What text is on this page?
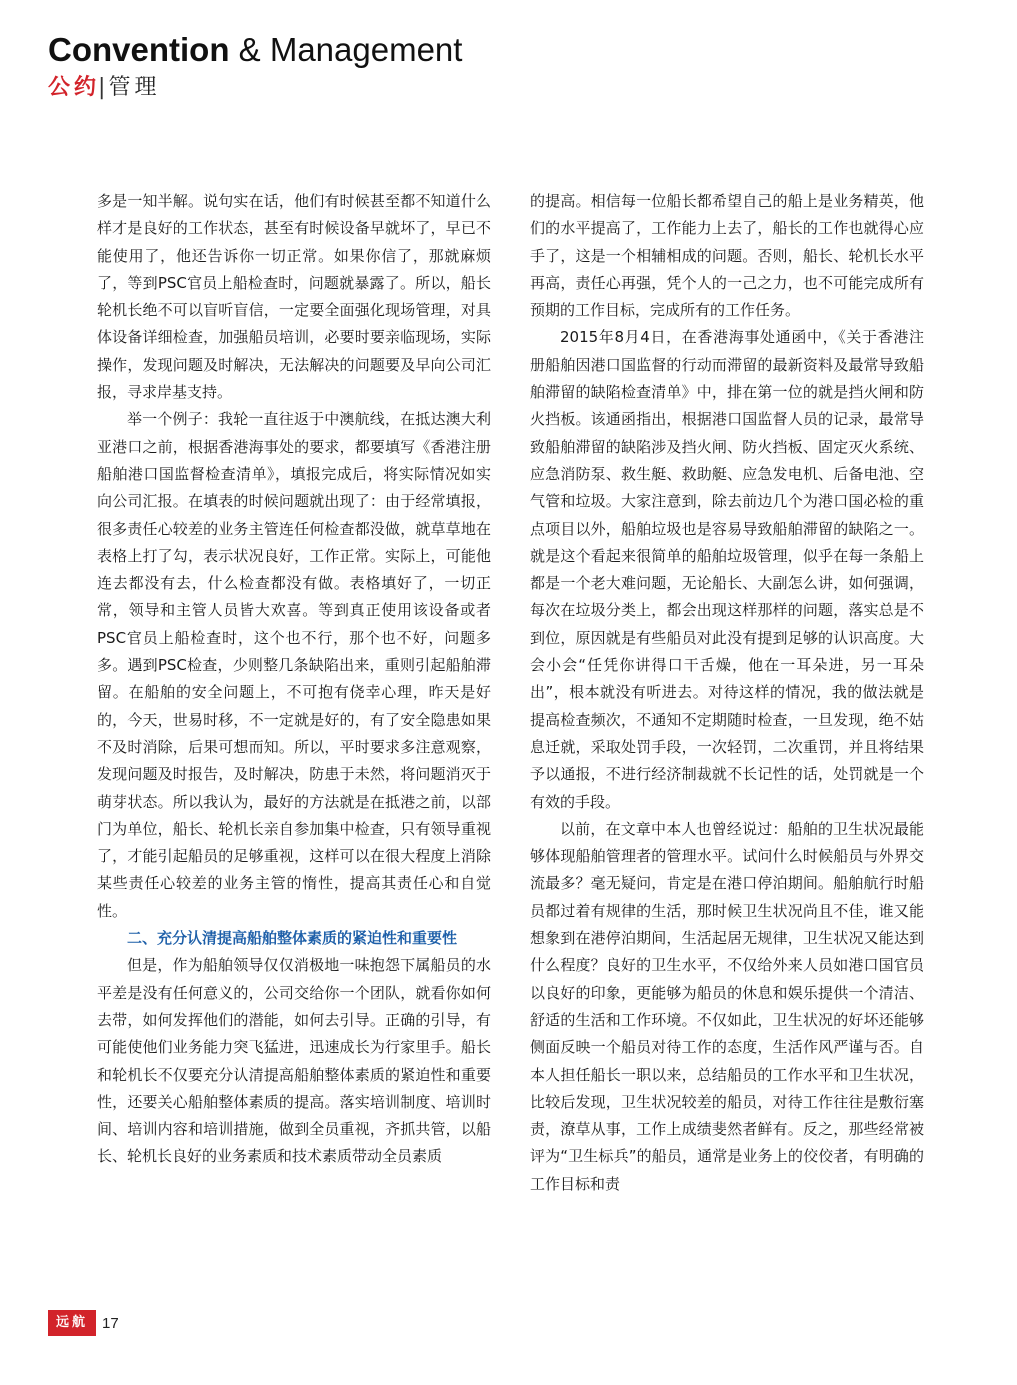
Convention & Management
公约| 管理

多是一知半解。说句实在话，他们有时候甚至都不知道什么样才是良好的工作状态，甚至有时候设备早就坏了，早已不能使用了，他还告诉你一切正常。如果你信了，那就麻烦了，等到PSC官员上船检查时，问题就暴露了。所以，船长轮机长绝不可以盲听盲信，一定要全面强化现场管理，对具体设备详细检查，加强船员培训，必要时要亲临现场，实际操作，发现问题及时解决，无法解决的问题要及早向公司汇报，寻求岸基支持。

举一个例子：我轮一直往返于中澳航线，在抵达澳大利亚港口之前，根据香港海事处的要求，都要填写《香港注册船舶港口国监督检查清单》，填报完成后，将实际情况如实向公司汇报。在填表的时候问题就出现了：由于经常填报，很多责任心较差的业务主管连任何检查都没做，就草草地在表格上打了勾，表示状况良好，工作正常。实际上，可能他连去都没有去，什么检查都没有做。表格填好了，一切正常，领导和主管人员皆大欢喜。等到真正使用该设备或者PSC官员上船检查时，这个也不行，那个也不好，问题多多。遇到PSC检查，少则整几条缺陷出来，重则引起船舶滞留。在船舶的安全问题上，不可抱有侥幸心理，昨天是好的，今天，世易时移，不一定就是好的，有了安全隐患如果不及时消除，后果可想而知。所以，平时要求多注意观察，发现问题及时报告，及时解决，防患于未然，将问题消灭于萌芽状态。所以我认为，最好的方法就是在抵港之前，以部门为单位，船长、轮机长亲自参加集中检查，只有领导重视了，才能引起船员的足够重视，这样可以在很大程度上消除某些责任心较差的业务主管的惰性，提高其责任心和自觉性。

二、充分认清提高船舶整体素质的紧迫性和重要性

但是，作为船舶领导仅仅消极地一味抱怨下属船员的水平差是没有任何意义的，公司交给你一个团队，就看你如何去带，如何发挥他们的潜能，如何去引导。正确的引导，有可能使他们业务能力突飞猛进，迅速成长为行家里手。船长和轮机长不仅要充分认清提高船舶整体素质的紧迫性和重要性，还要关心船舶整体素质的提高。落实培训制度、培训时间、培训内容和培训措施，做到全员重视，齐抓共管，以船长、轮机长良好的业务素质和技术素质带动全员素质

的提高。相信每一位船长都希望自己的船上是业务精英，他们的水平提高了，工作能力上去了，船长的工作也就得心应手了，这是一个相辅相成的问题。否则，船长、轮机长水平再高，责任心再强，凭个人的一己之力，也不可能完成所有预期的工作目标，完成所有的工作任务。

2015年8月4日，在香港海事处通函中，《关于香港注册船舶因港口国监督的行动而滞留的最新资料及最常导致船舶滞留的缺陷检查清单》中，排在第一位的就是挡火闸和防火挡板。该通函指出，根据港口国监督人员的记录，最常导致船舶滞留的缺陷涉及挡火闸、防火挡板、固定灭火系统、应急消防泵、救生艇、救助艇、应急发电机、后备电池、空气管和垃圾。大家注意到，除去前边几个为港口国必检的重点项目以外，船舶垃圾也是容易导致船舶滞留的缺陷之一。就是这个看起来很简单的船舶垃圾管理，似乎在每一条船上都是一个老大难问题，无论船长、大副怎么讲，如何强调，每次在垃圾分类上，都会出现这样那样的问题，落实总是不到位，原因就是有些船员对此没有提到足够的认识高度。大会小会“任凭你讲得口干舌燥，他在一耳朵进，另一耳朵出”，根本就没有听进去。对待这样的情况，我的做法就是提高检查频次，不通知不定期随时检查，一旦发现，绝不姑息迁就，采取处罚手段，一次轻罚，二次重罚，并且将结果予以通报，不进行经济制裁就不长记性的话，处罚就是一个有效的手段。

以前，在文章中本人也曾经说过：船舶的卫生状况最能够体现船舶管理者的管理水平。试问什么时候船员与外界交流最多？毫无疑问，肯定是在港口停泊期间。船舶航行时船员都过着有规律的生活，那时候卫生状况尚且不佳，谁又能想象到在港停泊期间，生活起居无规律，卫生状况又能达到什么程度？良好的卫生水平，不仅给外来人员如港口国官员以良好的印象，更能够为船员的休息和娱乐提供一个清洁、舒适的生活和工作环境。不仅如此，卫生状况的好坏还能够侧面反映一个船员对待工作的态度，生活作风严谨与否。自本人担任船长一职以来，总结船员的工作水平和卫生状况，比较后发现，卫生状况较差的船员，对待工作往往是敷衍塞责，潦草从事，工作上成绩斐然者鲜有。反之，那些经常被评为“卫生标兵”的船员，通常是业务上的佼佼者，有明确的工作目标和责

远航 17
